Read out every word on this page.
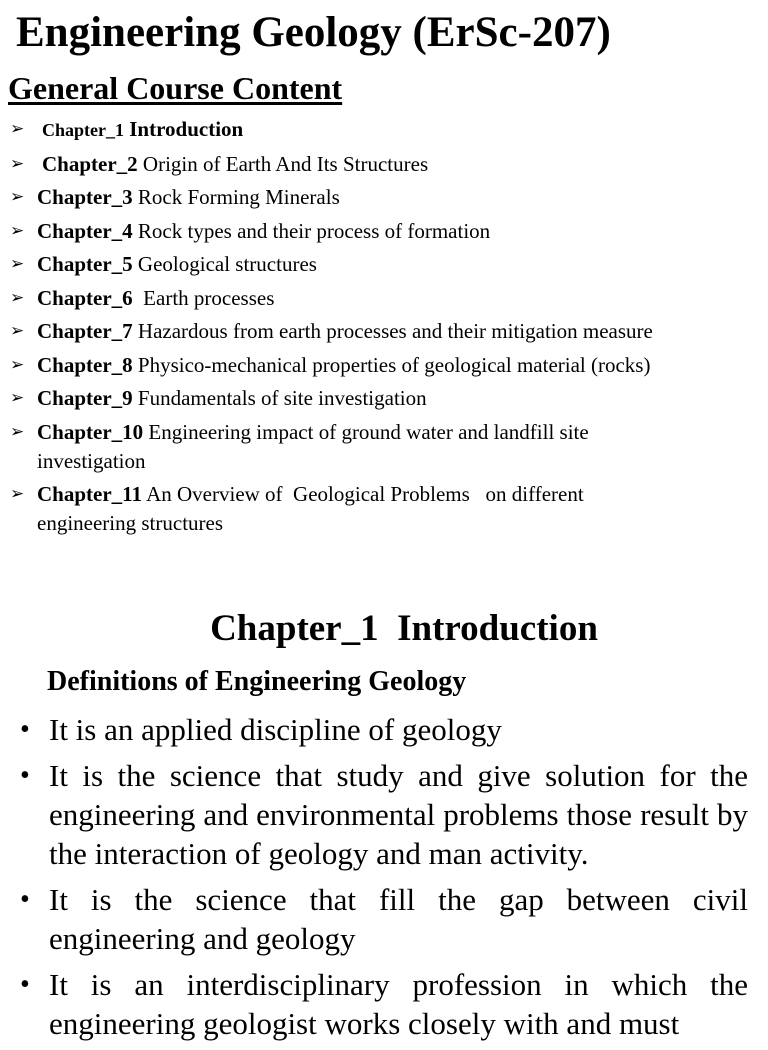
Engineering Geology (ErSc-207)
General Course Content
➢ Chapter_1 Introduction
➢ Chapter_2 Origin of Earth And Its Structures
➢ Chapter_3 Rock Forming Minerals
➢ Chapter_4 Rock types and their process of formation
➢ Chapter_5 Geological structures
➢ Chapter_6  Earth processes
➢ Chapter_7 Hazardous from earth processes and their mitigation measure
➢ Chapter_8 Physico-mechanical properties of geological material (rocks)
➢ Chapter_9 Fundamentals of site investigation
➢ Chapter_10 Engineering impact of ground water and landfill site investigation
➢ Chapter_11 An Overview of  Geological Problems   on different engineering structures
Chapter_1  Introduction
Definitions of Engineering Geology
• It is an applied discipline of geology
• It is the science that study and give solution for the engineering and environmental problems those result by the interaction of geology and man activity.
• It is the science that fill the gap between civil engineering and geology
• It is an interdisciplinary profession in which the engineering geologist works closely with and must
